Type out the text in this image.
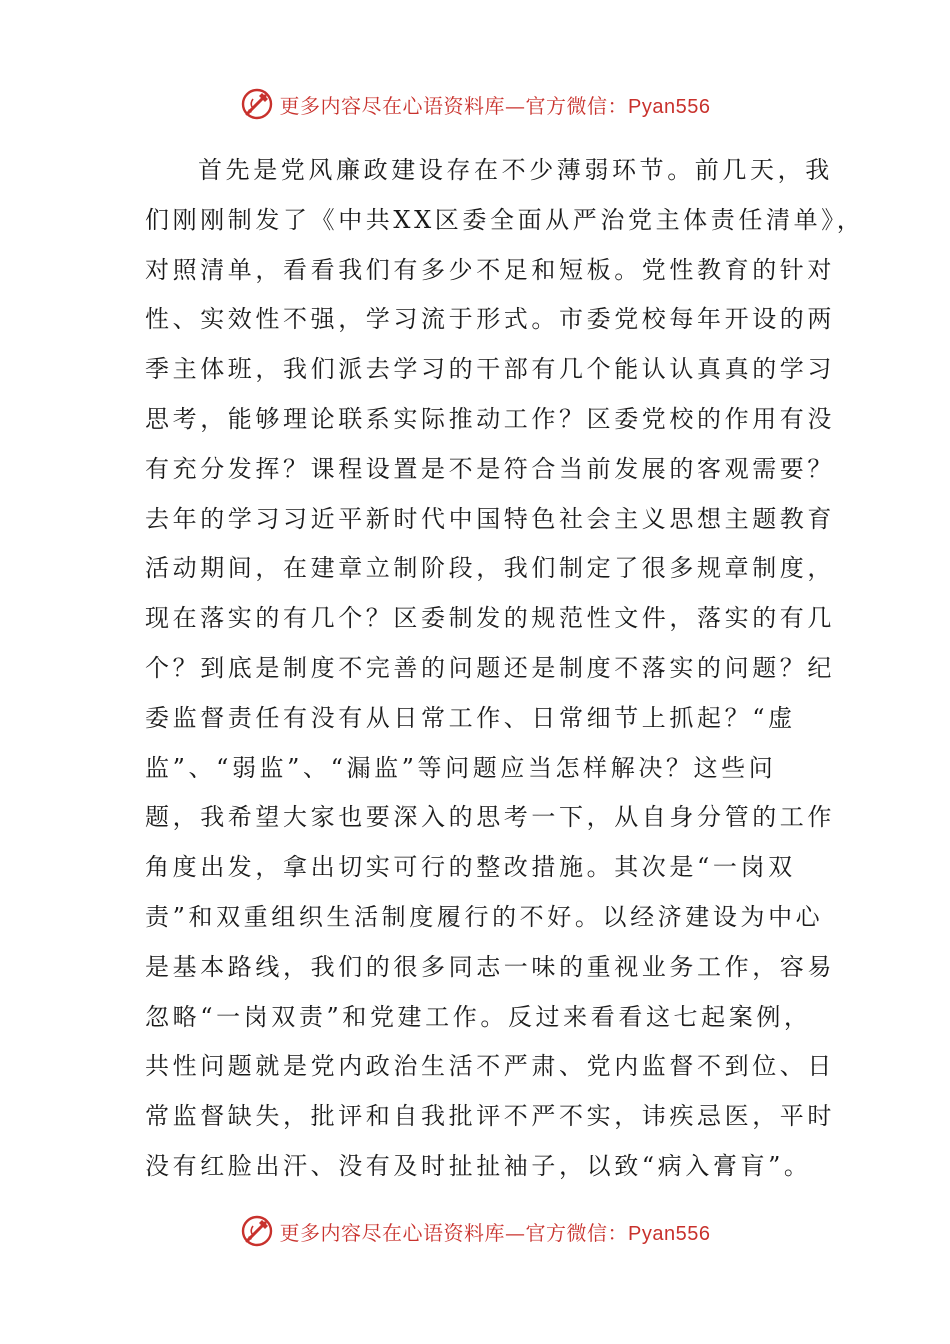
更多内容尽在心语资料库—官方微信：Pyan556
首先是党风廉政建设存在不少薄弱环节。前几天，我
们刚刚制发了《中共XX区委全面从严治党主体责任清单》，
对照清单，看看我们有多少不足和短板。党性教育的针对
性、实效性不强，学习流于形式。市委党校每年开设的两
季主体班，我们派去学习的干部有几个能认认真真的学习
思考，能够理论联系实际推动工作？区委党校的作用有没
有充分发挥？课程设置是不是符合当前发展的客观需要？
去年的学习习近平新时代中国特色社会主义思想主题教育
活动期间，在建章立制阶段，我们制定了很多规章制度，
现在落实的有几个？区委制发的规范性文件，落实的有几
个？到底是制度不完善的问题还是制度不落实的问题？纪
委监督责任有没有从日常工作、日常细节上抓起？“虚
监”、“弱监”、“漏监”等问题应当怎样解决？这些问
题，我希望大家也要深入的思考一下，从自身分管的工作
角度出发，拿出切实可行的整改措施。其次是“一岗双
责”和双重组织生活制度履行的不好。以经济建设为中心
是基本路线，我们的很多同志一味的重视业务工作，容易
忽略“一岗双责”和党建工作。反过来看看这七起案例，
共性问题就是党内政治生活不严肃、党内监督不到位、日
常监督缺失，批评和自我批评不严不实，讳疾忌医，平时
没有红脸出汗、没有及时扯扯袖子，以致“病入膏肓”。
更多内容尽在心语资料库—官方微信：Pyan556
